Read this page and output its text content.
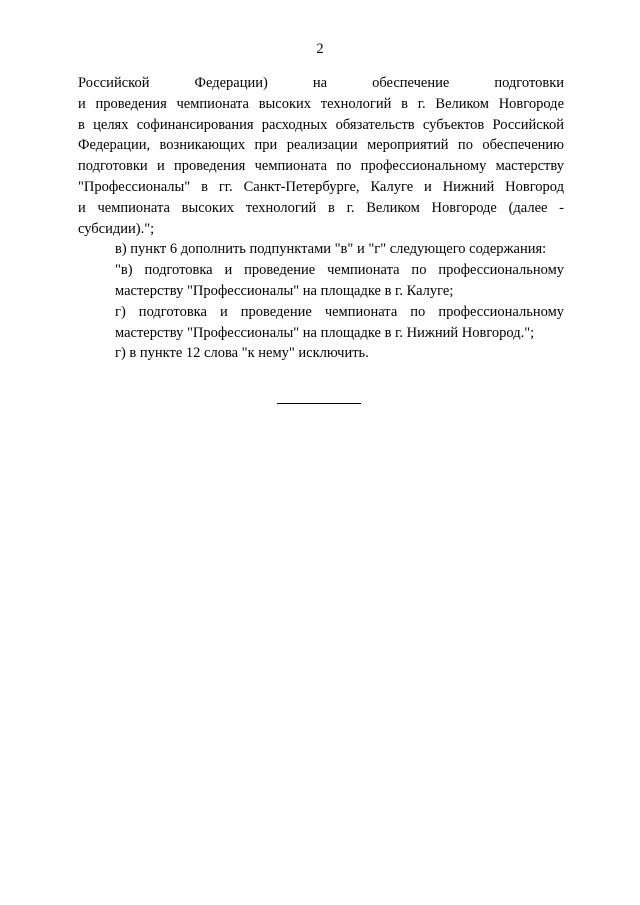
2

Российской Федерации) на обеспечение подготовки
и проведения чемпионата высоких технологий в г. Великом Новгороде
в целях софинансирования расходных обязательств субъектов Российской
Федерации, возникающих при реализации мероприятий по обеспечению
подготовки и проведения чемпионата по профессиональному мастерству
"Профессионалы" в гг. Санкт-Петербурге, Калуге и Нижний Новгород
и чемпионата высоких технологий в г. Великом Новгороде (далее -
субсидии).";

в) пункт 6 дополнить подпунктами "в" и "г" следующего содержания:

"в) подготовка и проведение чемпионата по профессиональному
мастерству "Профессионалы" на площадке в г. Калуге;

г) подготовка и проведение чемпионата по профессиональному
мастерству "Профессионалы" на площадке в г. Нижний Новгород.";

г) в пункте 12 слова "к нему" исключить.
